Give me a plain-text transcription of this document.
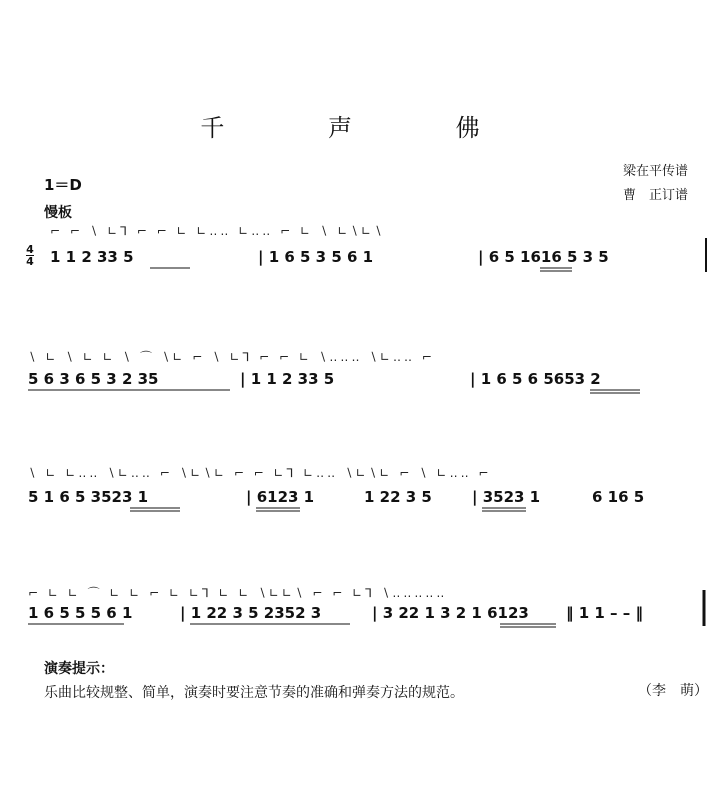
千 声 佛
梁在平传谱
曹　正订谱
1＝D
慢板
4
4
⌐ ⌐ ∖ ∟⅂ ⌐ ⌐ ∟ ∟‥‥ ∟‥‥ ⌐ ∟ ∖ ∟∖∟∖
1 1 2 33 5	| 1 6 5 3 5 6 1	| 6 5 1616 5 3 5
∖ ∟ ∖ ∟ ∟ ∖ ⌒ ∖∟ ⌐ ∖ ∟⅂ ⌐ ⌐ ∟ ∖‥‥‥ ∖∟‥‥ ⌐
5 6 3 6 5 3 2 35	| 1 1 2 33 5	| 1 6 5 6 5653 2
∖ ∟ ∟‥‥ ∖∟‥‥ ⌐ ∖∟∖∟ ⌐ ⌐ ∟⅂ ∟‥‥ ∖∟∖∟ ⌐ ∖ ∟‥‥ ⌐
5 1 6 5 3523 1	| 6123 1	1 22 3 5	| 3523 1	6 16 5
⌐ ∟ ∟ ⌒ ∟ ∟ ⌐ ∟ ∟⅂ ∟ ∟ ∖∟∟∖ ⌐ ⌐ ∟⅂ ∖‥‥‥‥‥
1 6 5 5 5 6 1	| 1 22 3 5 2352 3	| 3 22 1 3 2 1 6123 ‖ 1 1 – – ‖
演奏提示：
乐曲比较规整、简单，演奏时要注意节奏的准确和弹奏方法的规范。	（李　萌）
